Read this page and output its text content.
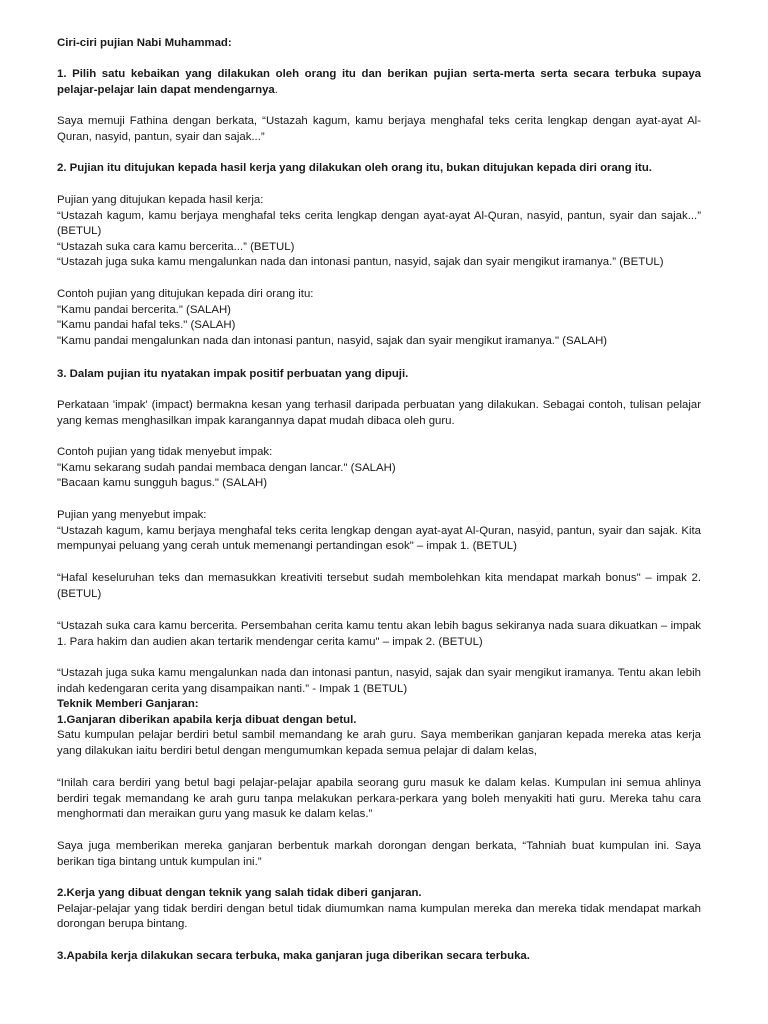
Ciri-ciri pujian Nabi Muhammad:
1. Pilih satu kebaikan yang dilakukan oleh orang itu dan berikan pujian serta-merta serta secara terbuka supaya pelajar-pelajar lain dapat mendengarnya.
Saya memuji Fathina dengan berkata, “Ustazah kagum, kamu berjaya menghafal teks cerita lengkap dengan ayat-ayat Al-Quran, nasyid, pantun, syair dan sajak...”
2. Pujian itu ditujukan kepada hasil kerja yang dilakukan oleh orang itu, bukan ditujukan kepada diri orang itu.
Pujian yang ditujukan kepada hasil kerja:
“Ustazah kagum, kamu berjaya menghafal teks cerita lengkap dengan ayat-ayat Al-Quran, nasyid, pantun, syair dan sajak...” (BETUL)
“Ustazah suka cara kamu bercerita...” (BETUL)
“Ustazah juga suka kamu mengalunkan nada dan intonasi pantun, nasyid, sajak dan syair mengikut iramanya.” (BETUL)
Contoh pujian yang ditujukan kepada diri orang itu:
"Kamu pandai bercerita." (SALAH)
"Kamu pandai hafal teks." (SALAH)
"Kamu pandai mengalunkan nada dan intonasi pantun, nasyid, sajak dan syair mengikut iramanya." (SALAH)
3. Dalam pujian itu nyatakan impak positif perbuatan yang dipuji.
Perkataan 'impak' (impact) bermakna kesan yang terhasil daripada perbuatan yang dilakukan. Sebagai contoh, tulisan pelajar yang kemas menghasilkan impak karangannya dapat mudah dibaca oleh guru.
Contoh pujian yang tidak menyebut impak:
"Kamu sekarang sudah pandai membaca dengan lancar." (SALAH)
"Bacaan kamu sungguh bagus." (SALAH)
Pujian yang menyebut impak:
“Ustazah kagum, kamu berjaya menghafal teks cerita lengkap dengan ayat-ayat Al-Quran, nasyid, pantun, syair dan sajak. Kita mempunyai peluang yang cerah untuk memenangi pertandingan esok" – impak 1. (BETUL)
“Hafal keseluruhan teks dan memasukkan kreativiti tersebut sudah membolehkan kita mendapat markah bonus" – impak 2. (BETUL)
“Ustazah suka cara kamu bercerita. Persembahan cerita kamu tentu akan lebih bagus sekiranya nada suara dikuatkan – impak 1. Para hakim dan audien akan tertarik mendengar cerita kamu" – impak 2. (BETUL)
“Ustazah juga suka kamu mengalunkan nada dan intonasi pantun, nasyid, sajak dan syair mengikut iramanya. Tentu akan lebih indah kedengaran cerita yang disampaikan nanti.” - Impak 1 (BETUL)
Teknik Memberi Ganjaran:
1.Ganjaran diberikan apabila kerja dibuat dengan betul.
Satu kumpulan pelajar berdiri betul sambil memandang ke arah guru. Saya memberikan ganjaran kepada mereka atas kerja yang dilakukan iaitu berdiri betul dengan mengumumkan kepada semua pelajar di dalam kelas,
“Inilah cara berdiri yang betul bagi pelajar-pelajar apabila seorang guru masuk ke dalam kelas. Kumpulan ini semua ahlinya berdiri tegak memandang ke arah guru tanpa melakukan perkara-perkara yang boleh menyakiti hati guru. Mereka tahu cara menghormati dan meraikan guru yang masuk ke dalam kelas.”
Saya juga memberikan mereka ganjaran berbentuk markah dorongan dengan berkata, “Tahniah buat kumpulan ini. Saya berikan tiga bintang untuk kumpulan ini.”
2.Kerja yang dibuat dengan teknik yang salah tidak diberi ganjaran.
Pelajar-pelajar yang tidak berdiri dengan betul tidak diumumkan nama kumpulan mereka dan mereka tidak mendapat markah dorongan berupa bintang.
3.Apabila kerja dilakukan secara terbuka, maka ganjaran juga diberikan secara terbuka.
